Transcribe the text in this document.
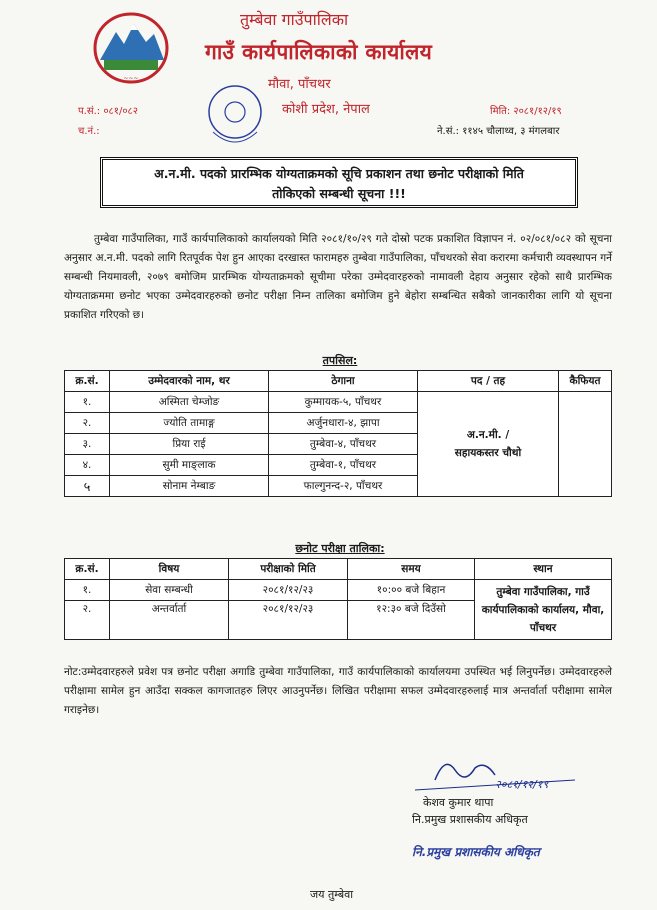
~~~
तुम्बेवा गाउँपालिका
गाउँ कार्यपालिकाको कार्यालय
मौवा, पाँचथर
कोशी प्रदेश, नेपाल
प.सं.: ०८१/०८२
च.नं.:
मिति: २०८१/१२/१९
ने.सं.: ११४५ चौलाथ्व, ३ मंगलबार
अ.न.मी. पदको प्रारम्भिक योग्यताक्रमको सूचि प्रकाशन तथा छनोट परीक्षाको मिति
तोकिएको सम्बन्धी सूचना !!!
तुम्बेवा गाउँपालिका, गाउँ कार्यपालिकाको कार्यालयको मिति २०८१/१०/२९ गते दोस्रो पटक प्रकाशित विज्ञापन नं. ०२/०८१/०८२ को सूचना अनुसार अ.न.मी. पदको लागि रितपूर्वक पेश हुन आएका दरखास्त फारामहरु तुम्बेवा गाउँपालिका, पाँचथरको सेवा करारमा कर्मचारी व्यवस्थापन गर्ने सम्बन्धी नियमावली, २०७९ बमोजिम प्रारम्भिक योग्यताक्रमको सूचीमा परेका उम्मेदवारहरुको नामावली देहाय अनुसार रहेको साथै प्रारम्भिक योग्यताक्रममा छनोट भएका उम्मेदवारहरुको छनोट परीक्षा निम्न तालिका बमोजिम हुने बेहोरा सम्बन्धित सबैको जानकारीका लागि यो सूचना प्रकाशित गरिएको छ।
तपसिल:
क्र.सं.	उम्मेदवारको नाम, थर	ठेगाना	पद / तह	कैफियत
१.	अस्मिता चेम्जोङ	कुम्मायक-५, पाँचथर	अ.न.मी. /
सहायकस्तर चौथो	

२.	ज्योति तामाङ्ग	अर्जुनधारा-४, झापा		
३.	प्रिया राई	तुम्बेवा-४, पाँचथर		
४.	सुमी माङ्लाक	तुम्बेवा-१, पाँचथर		
५	सोनाम नेम्बाङ	फाल्गुनन्द-२, पाँचथर		
छनोट परीक्षा तालिका:
क्र.सं.	विषय	परीक्षाको मिति	समय	स्थान
१.	सेवा सम्बन्धी	२०८१/१२/२३	१०:०० बजे बिहान	तुम्बेवा गाउँपालिका, गाउँ कार्यपालिकाको कार्यालय, मौवा, पाँचथर
२.	अन्तर्वार्ता	२०८१/१२/२३	१२:३० बजे दिउँसो	
नोट:उम्मेदवारहरुले प्रवेश पत्र छनोट परीक्षा अगाडि तुम्बेवा गाउँपालिका, गाउँ कार्यपालिकाको कार्यालयमा उपस्थित भई लिनुपर्नेछ। उम्मेदवारहरुले परीक्षामा सामेल हुन आउँदा सक्कल कागजातहरु लिएर आउनुपर्नेछ। लिखित परीक्षामा सफल उम्मेदवारहरुलाई मात्र अन्तर्वार्ता परीक्षामा सामेल गराइनेछ।
२०८१/१२/१९
केशव कुमार थापा
नि.प्रमुख प्रशासकीय अधिकृत
नि.प्रमुख प्रशासकीय अधिकृत
जय तुम्बेवा
